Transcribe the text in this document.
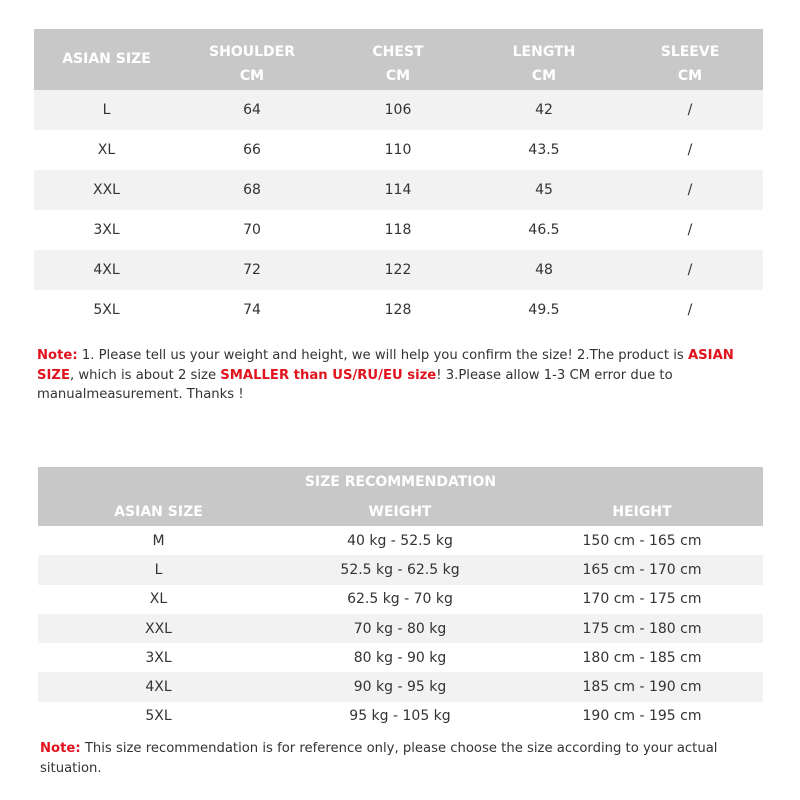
ASIAN SIZE	SHOULDER	CHEST	LENGTH	SLEEVE
	CM	CM	CM	CM
L	64	106	42	/
XL	66	110	43.5	/
XXL	68	114	45	/
3XL	70	118	46.5	/
4XL	72	122	48	/
5XL	74	128	49.5	/
Note: 1. Please tell us your weight and height, we will help you confirm the size! 2.The product is ASIAN SIZE, which is about 2 size SMALLER than US/RU/EU size! 3.Please allow 1-3 CM error due to manualmeasurement. Thanks !
SIZE RECOMMENDATION		
ASIAN SIZE	WEIGHT	HEIGHT
M	40 kg - 52.5 kg	150 cm - 165 cm
L	52.5 kg - 62.5 kg	165 cm - 170 cm
XL	62.5 kg - 70 kg	170 cm - 175 cm
XXL	70 kg - 80 kg	175 cm - 180 cm
3XL	80 kg - 90 kg	180 cm - 185 cm
4XL	90 kg - 95 kg	185 cm - 190 cm
5XL	95 kg - 105 kg	190 cm - 195 cm
Note: This size recommendation is for reference only, please choose the size according to your actual situation.
